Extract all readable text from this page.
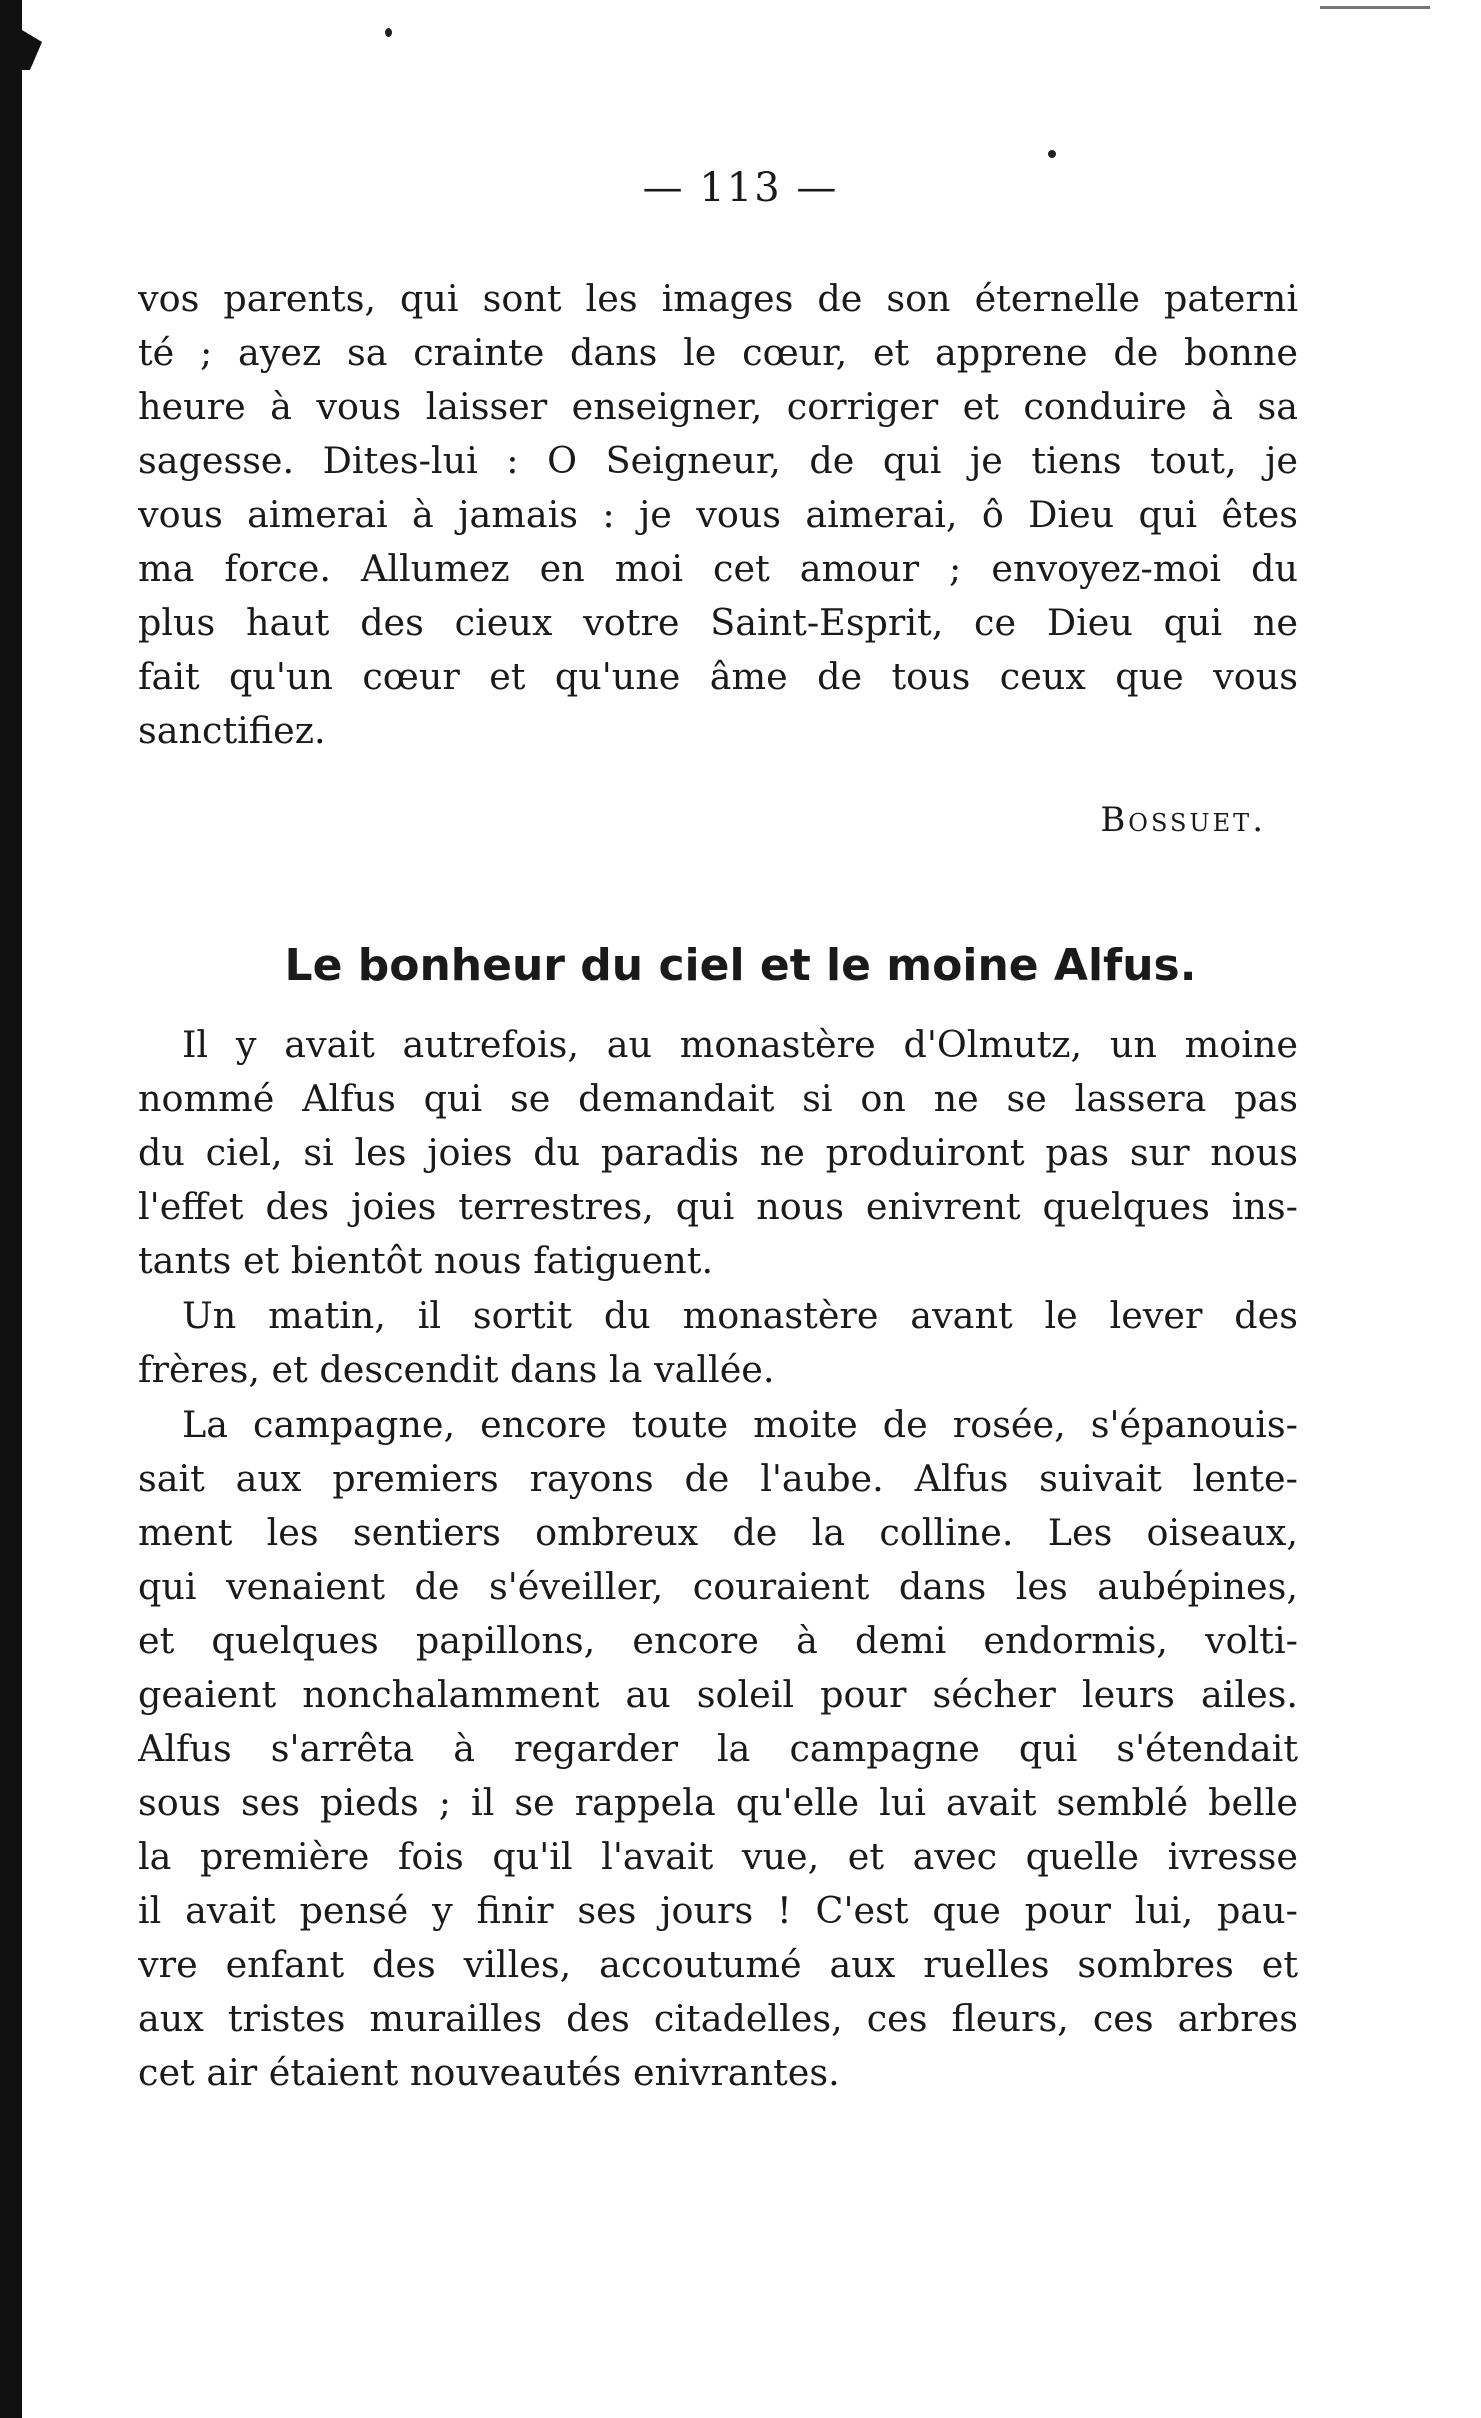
— 113 —
vos parents, qui sont les images de son éternelle paterni
té ; ayez sa crainte dans le cœur, et apprene de bonne
heure à vous laisser enseigner, corriger et conduire à sa
sagesse. Dites-lui : O Seigneur, de qui je tiens tout, je
vous aimerai à jamais : je vous aimerai, ô Dieu qui êtes
ma force. Allumez en moi cet amour ; envoyez-moi du
plus haut des cieux votre Saint-Esprit, ce Dieu qui ne
fait qu'un cœur et qu'une âme de tous ceux que vous
sanctifiez.
Bossuet.
Le bonheur du ciel et le moine Alfus.
Il y avait autrefois, au monastère d'Olmutz, un moine
nommé Alfus qui se demandait si on ne se lassera pas
du ciel, si les joies du paradis ne produiront pas sur nous
l'effet des joies terrestres, qui nous enivrent quelques ins-
tants et bientôt nous fatiguent.
Un matin, il sortit du monastère avant le lever des
frères, et descendit dans la vallée.
La campagne, encore toute moite de rosée, s'épanouis-
sait aux premiers rayons de l'aube. Alfus suivait lente-
ment les sentiers ombreux de la colline. Les oiseaux,
qui venaient de s'éveiller, couraient dans les aubépines,
et quelques papillons, encore à demi endormis, volti-
geaient nonchalamment au soleil pour sécher leurs ailes.
Alfus s'arrêta à regarder la campagne qui s'étendait
sous ses pieds ; il se rappela qu'elle lui avait semblé belle
la première fois qu'il l'avait vue, et avec quelle ivresse
il avait pensé y finir ses jours ! C'est que pour lui, pau-
vre enfant des villes, accoutumé aux ruelles sombres et
aux tristes murailles des citadelles, ces fleurs, ces arbres
cet air étaient nouveautés enivrantes.
